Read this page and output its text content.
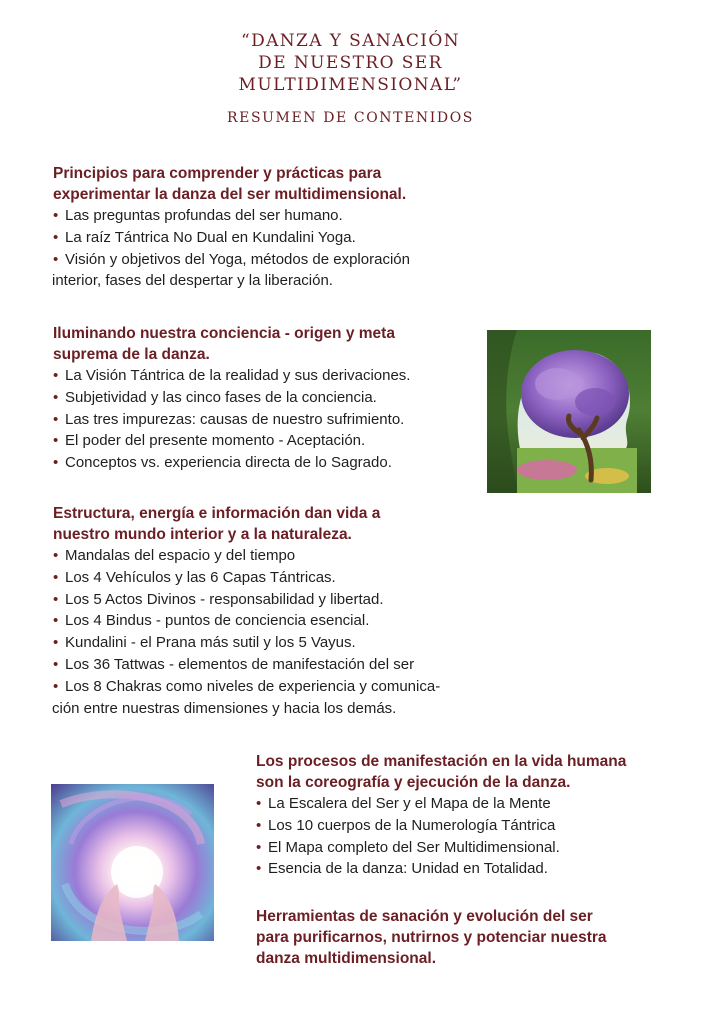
“DANZA Y SANACIÓN
DE NUESTRO SER
MULTIDIMENSIONAL”
RESUMEN DE CONTENIDOS
Principios para comprender y prácticas para
experimentar la danza del ser multidimensional.
• Las preguntas profundas del ser humano.
• La raíz Tántrica No Dual en Kundalini Yoga.
• Visión y objetivos del Yoga, métodos de exploración
interior, fases del despertar y la liberación.
Iluminando nuestra conciencia - origen y meta
suprema de la danza.
• La Visión Tántrica de la realidad y sus derivaciones.
• Subjetividad y las cinco fases de la conciencia.
• Las tres impurezas: causas de nuestro sufrimiento.
• El poder del presente momento - Aceptación.
• Conceptos vs. experiencia directa de lo Sagrado.
Estructura, energía e información dan vida a
nuestro mundo interior y a la naturaleza.
• Mandalas del espacio y del tiempo
• Los 4 Vehículos y las 6 Capas Tántricas.
• Los 5 Actos Divinos - responsabilidad y libertad.
• Los 4 Bindus - puntos de conciencia esencial.
• Kundalini - el Prana más sutil y los 5 Vayus.
• Los 36 Tattwas - elementos de manifestación del ser
• Los 8 Chakras como niveles de experiencia y comunica-
ción entre nuestras dimensiones y hacia los demás.
Los procesos de manifestación en la vida humana
son la coreografía y ejecución de la danza.
• La Escalera del Ser y el Mapa de la Mente
• Los 10 cuerpos de la Numerología Tántrica
• El Mapa completo del Ser Multidimensional.
• Esencia de la danza: Unidad en Totalidad.
Herramientas de sanación y evolución del ser
para purificarnos, nutrirnos y potenciar nuestra
danza multidimensional.
